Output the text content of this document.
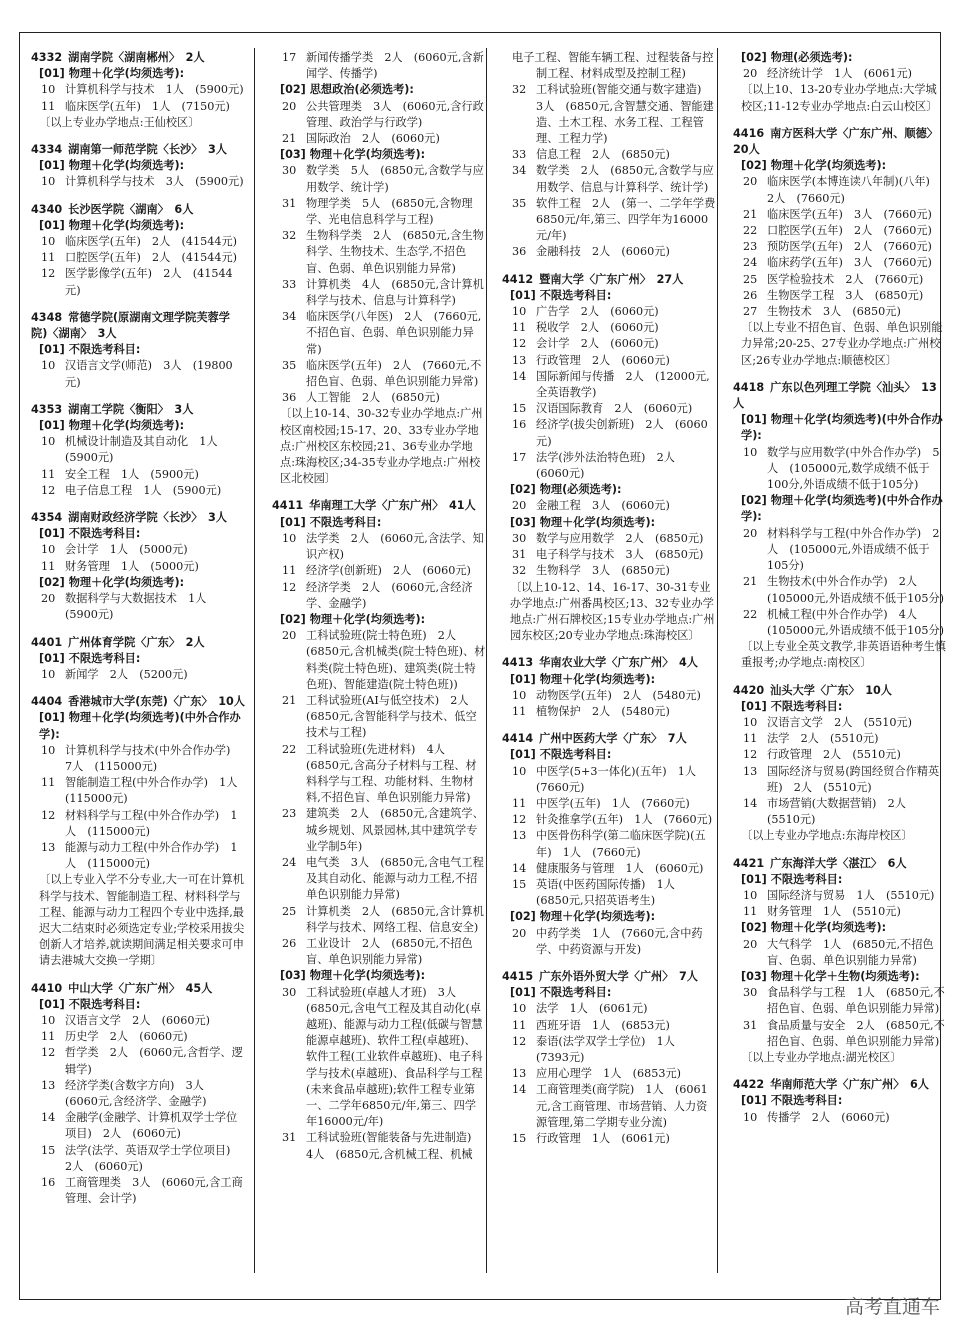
4332 湖南学院〈湖南郴州〉　2人
[01] 物理＋化学(均须选考):
10 计算机科学与技术　1人　(5900元)
11 临床医学(五年)　1人　(7150元)
〔以上专业办学地点:王仙校区〕
4334 湖南第一师范学院〈长沙〉　3人
[01] 物理＋化学(均须选考):
10 计算机科学与技术　3人　(5900元)
4340 长沙医学院〈湖南〉　6人
[01] 物理＋化学(均须选考):
10 临床医学(五年)　2人　(41544元)
11 口腔医学(五年)　2人　(41544元)
12 医学影像学(五年)　2人　(41544元)
4348 常德学院(原湖南文理学院芙蓉学院)〈湖南〉　3人
[01] 不限选考科目:
10 汉语言文学(师范)　3人　(19800元)
4353 湖南工学院〈衡阳〉　3人
[01] 物理＋化学(均须选考):
10 机械设计制造及其自动化　1人　(5900元)
11 安全工程　1人　(5900元)
12 电子信息工程　1人　(5900元)
4354 湖南财政经济学院〈长沙〉　3人
[01] 不限选考科目:
10 会计学　1人　(5000元)
11 财务管理　1人　(5000元)
[02] 物理＋化学(均须选考):
20 数据科学与大数据技术　1人　(5900元)
4401 广州体育学院〈广东〉　2人
[01] 不限选考科目:
10 新闻学　2人　(5200元)
4404 香港城市大学(东莞)〈广东〉　10人
[01] 物理＋化学(均须选考)(中外合作办学):
10 计算机科学与技术(中外合作办学)　7人　(115000元)
11 智能制造工程(中外合作办学)　1人　(115000元)
12 材料科学与工程(中外合作办学)　1人　(115000元)
13 能源与动力工程(中外合作办学)　1人　(115000元)
〔以上专业入学不分专业,大一可在计算机科学与技术、智能制造工程、材料科学与工程、能源与动力工程四个专业中选择,最迟大二结束时必须选定专业;学校采用拔尖创新人才培养,就读期间满足相关要求可申请去港城大交换一学期〕
4410 中山大学〈广东广州〉　45人
[01] 不限选考科目:
10 汉语言文学　2人　(6060元)
11 历史学　2人　(6060元)
12 哲学类　2人　(6060元,含哲学、逻辑学)
13 经济学类(含数字方向)　3人　(6060元,含经济学、金融学)
14 金融学(金融学、计算机双学士学位项目)　2人　(6060元)
15 法学(法学、英语双学士学位项目)　2人　(6060元)
16 工商管理类　3人　(6060元,含工商管理、会计学)
17 新闻传播学类　2人　(6060元,含新闻学、传播学)
[02] 思想政治(必须选考):
20 公共管理类　3人　(6060元,含行政管理、政治学与行政学)
21 国际政治　2人　(6060元)
[03] 物理＋化学(均须选考):
30 数学类　5人　(6850元,含数学与应用数学、统计学)
31 物理学类　5人　(6850元,含物理学、光电信息科学与工程)
32 生物科学类　2人　(6850元,含生物科学、生物技术、生态学,不招色盲、色弱、单色识别能力异常)
33 计算机类　4人　(6850元,含计算机科学与技术、信息与计算科学)
34 临床医学(八年医)　2人　(7660元,不招色盲、色弱、单色识别能力异常)
35 临床医学(五年)　2人　(7660元,不招色盲、色弱、单色识别能力异常)
36 人工智能　2人　(6850元)
〔以上10-14、30-32专业办学地点:广州校区南校园;15-17、20、33专业办学地点:广州校区东校园;21、36专业办学地点:珠海校区;34-35专业办学地点:广州校区北校园〕
4411 华南理工大学〈广东广州〉　41人
[01] 不限选考科目:
10 法学类　2人　(6060元,含法学、知识产权)
11 经济学(创新班)　2人　(6060元)
12 经济学类　2人　(6060元,含经济学、金融学)
[02] 物理＋化学(均须选考):
20 工科试验班(院士特色班)　2人　(6850元,含机械类(院士特色班)、材料类(院士特色班)、建筑类(院士特色班)、智能建造(院士特色班))
21 工科试验班(AI与低空技术)　2人　(6850元,含智能科学与技术、低空技术与工程)
22 工科试验班(先进材料)　4人　(6850元,含高分子材料与工程、材料科学与工程、功能材料、生物材料,不招色盲、单色识别能力异常)
23 建筑类　2人　(6850元,含建筑学、城乡规划、风景园林,其中建筑学专业学制5年)
24 电气类　3人　(6850元,含电气工程及其自动化、能源与动力工程,不招单色识别能力异常)
25 计算机类　2人　(6850元,含计算机科学与技术、网络工程、信息安全)
26 工业设计　2人　(6850元,不招色盲、单色识别能力异常)
[03] 物理＋化学(均须选考):
30 工科试验班(卓越人才班)　3人　(6850元,含电气工程及其自动化(卓越班)、能源与动力工程(低碳与智慧能源卓越班)、软件工程(卓越班)、软件工程(工业软件卓越班)、电子科学与技术(卓越班)、食品科学与工程(未来食品卓越班);软件工程专业第一、二学年6850元/年,第三、四学年16000元/年)
31 工科试验班(智能装备与先进制造)　4人　(6850元,含机械工程、机械
电子工程、智能车辆工程、过程装备与控制工程、材料成型及控制工程)
32 工科试验班(智能交通与数字建造)　3人　(6850元,含智慧交通、智能建造、土木工程、水务工程、工程管理、工程力学)
33 信息工程　2人　(6850元)
34 数学类　2人　(6850元,含数学与应用数学、信息与计算科学、统计学)
35 软件工程　2人　(第一、二学年学费6850元/年,第三、四学年为16000元/年)
36 金融科技　2人　(6060元)
4412 暨南大学〈广东广州〉　27人
[01] 不限选考科目:
10 广告学　2人　(6060元)
11 税收学　2人　(6060元)
12 会计学　2人　(6060元)
13 行政管理　2人　(6060元)
14 国际新闻与传播　2人　(12000元,全英语教学)
15 汉语国际教育　2人　(6060元)
16 经济学(拔尖创新班)　2人　(6060元)
17 法学(涉外法治特色班)　2人　(6060元)
[02] 物理(必须选考):
20 金融工程　3人　(6060元)
[03] 物理＋化学(均须选考):
30 数学与应用数学　2人　(6850元)
31 电子科学与技术　3人　(6850元)
32 生物科学　3人　(6850元)
〔以上10-12、14、16-17、30-31专业办学地点:广州番禺校区;13、32专业办学地点:广州石牌校区;15专业办学地点:广州园东校区;20专业办学地点:珠海校区〕
4413 华南农业大学〈广东广州〉　4人
[01] 物理＋化学(均须选考):
10 动物医学(五年)　2人　(5480元)
11 植物保护　2人　(5480元)
4414 广州中医药大学〈广东〉　7人
[01] 不限选考科目:
10 中医学(5+3一体化)(五年)　1人　(7660元)
11 中医学(五年)　1人　(7660元)
12 针灸推拿学(五年)　1人　(7660元)
13 中医骨伤科学(第二临床医学院)(五年)　1人　(7660元)
14 健康服务与管理　1人　(6060元)
15 英语(中医药国际传播)　1人　(6850元,只招英语考生)
[02] 物理＋化学(均须选考):
20 中药学类　1人　(7660元,含中药学、中药资源与开发)
4415 广东外语外贸大学〈广州〉　7人
[01] 不限选考科目:
10 法学　1人　(6061元)
11 西班牙语　1人　(6853元)
12 泰语(法学双学士学位)　1人　(7393元)
13 应用心理学　1人　(6853元)
14 工商管理类(商学院)　1人　(6061元,含工商管理、市场营销、人力资源管理,第二学期专业分流)
15 行政管理　1人　(6061元)
[02] 物理(必须选考):
20 经济统计学　1人　(6061元)
〔以上10、13-20专业办学地点:大学城校区;11-12专业办学地点:白云山校区〕
4416 南方医科大学〈广东广州、顺德〉　20人
[02] 物理＋化学(均须选考):
20 临床医学(本博连读八年制)(八年)　2人　(7660元)
21 临床医学(五年)　3人　(7660元)
22 口腔医学(五年)　2人　(7660元)
23 预防医学(五年)　2人　(7660元)
24 临床药学(五年)　3人　(7660元)
25 医学检验技术　2人　(7660元)
26 生物医学工程　3人　(6850元)
27 生物技术　3人　(6850元)
〔以上专业不招色盲、色弱、单色识别能力异常;20-25、27专业办学地点:广州校区;26专业办学地点:顺德校区〕
4418 广东以色列理工学院〈汕头〉　13人
[01] 物理＋化学(均须选考)(中外合作办学):
10 数学与应用数学(中外合作办学)　5人　(105000元,数学成绩不低于100分,外语成绩不低于105分)
[02] 物理＋化学(均须选考)(中外合作办学):
20 材料科学与工程(中外合作办学)　2人　(105000元,外语成绩不低于105分)
21 生物技术(中外合作办学)　2人　(105000元,外语成绩不低于105分)
22 机械工程(中外合作办学)　4人　(105000元,外语成绩不低于105分)
〔以上专业全英文教学,非英语语种考生慎重报考;办学地点:南校区〕
4420 汕头大学〈广东〉　10人
[01] 不限选考科目:
10 汉语言文学　2人　(5510元)
11 法学　2人　(5510元)
12 行政管理　2人　(5510元)
13 国际经济与贸易(跨国经贸合作精英班)　2人　(5510元)
14 市场营销(大数据营销)　2人　(5510元)
〔以上专业办学地点:东海岸校区〕
4421 广东海洋大学〈湛江〉　6人
[01] 不限选考科目:
10 国际经济与贸易　1人　(5510元)
11 财务管理　1人　(5510元)
[02] 物理＋化学(均须选考):
20 大气科学　1人　(6850元,不招色盲、色弱、单色识别能力异常)
[03] 物理＋化学＋生物(均须选考):
30 食品科学与工程　1人　(6850元,不招色盲、色弱、单色识别能力异常)
31 食品质量与安全　2人　(6850元,不招色盲、色弱、单色识别能力异常)
〔以上专业办学地点:湖光校区〕
4422 华南师范大学〈广东广州〉　6人
[01] 不限选考科目:
10 传播学　2人　(6060元)
高考直通车
